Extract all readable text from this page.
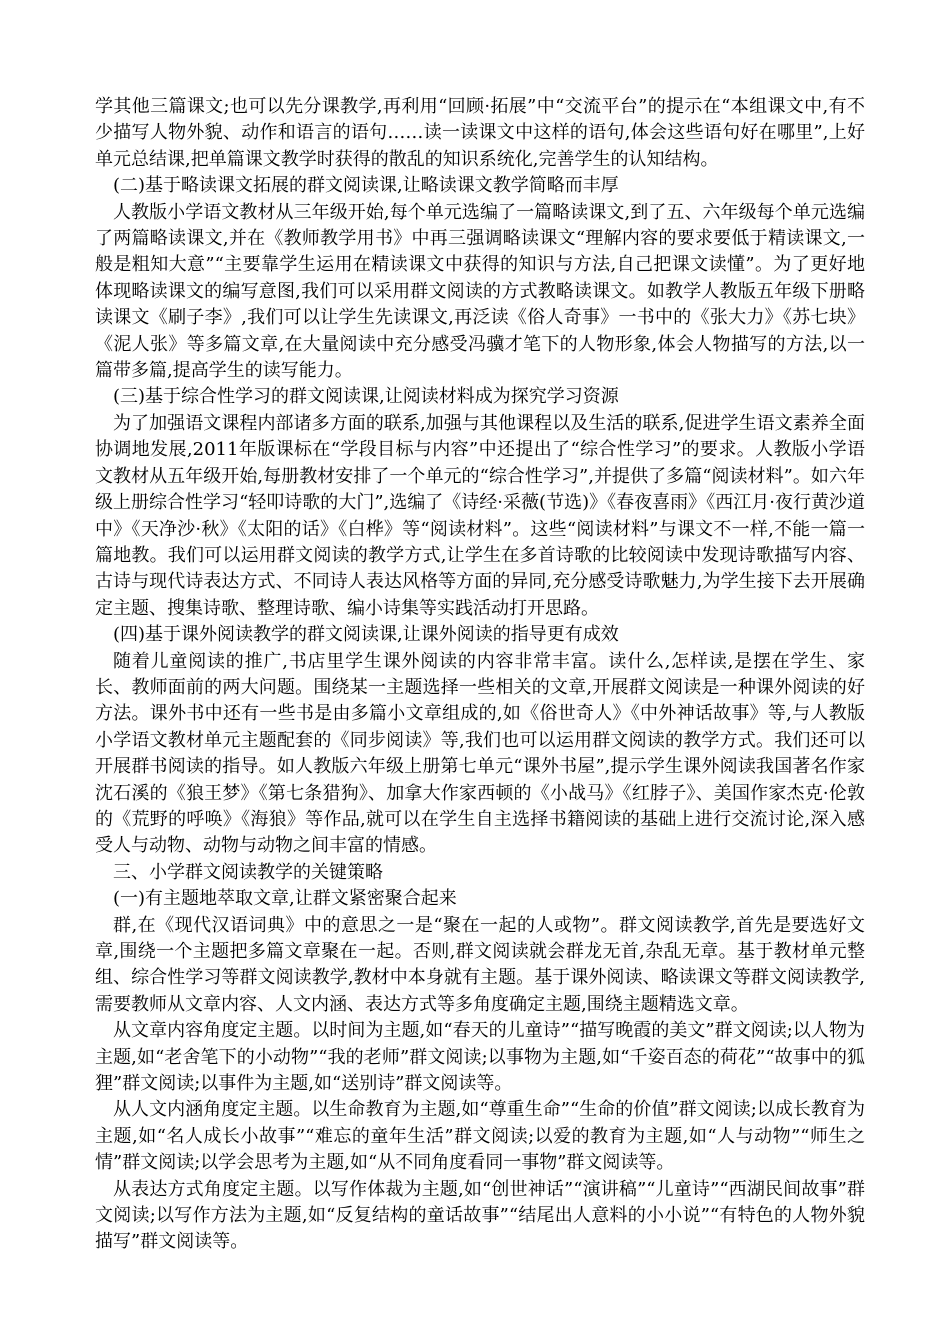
学其他三篇课文;也可以先分课教学,再利用“回顾·拓展”中“交流平台”的提示在“本组课文中,有不少描写人物外貌、动作和语言的语句……读一读课文中这样的语句,体会这些语句好在哪里”,上好单元总结课,把单篇课文教学时获得的散乱的知识系统化,完善学生的认知结构。

(二)基于略读课文拓展的群文阅读课,让略读课文教学简略而丰厚

人教版小学语文教材从三年级开始,每个单元选编了一篇略读课文,到了五、六年级每个单元选编了两篇略读课文,并在《教师教学用书》中再三强调略读课文“理解内容的要求要低于精读课文,一般是粗知大意”“主要靠学生运用在精读课文中获得的知识与方法,自己把课文读懂”。为了更好地体现略读课文的编写意图,我们可以采用群文阅读的方式教略读课文。如教学人教版五年级下册略读课文《刷子李》,我们可以让学生先读课文,再泛读《俗人奇事》一书中的《张大力》《苏七块》《泥人张》等多篇文章,在大量阅读中充分感受冯骥才笔下的人物形象,体会人物描写的方法,以一篇带多篇,提高学生的读写能力。

(三)基于综合性学习的群文阅读课,让阅读材料成为探究学习资源

为了加强语文课程内部诸多方面的联系,加强与其他课程以及生活的联系,促进学生语文素养全面协调地发展,2011年版课标在“学段目标与内容”中还提出了“综合性学习”的要求。人教版小学语文教材从五年级开始,每册教材安排了一个单元的“综合性学习”,并提供了多篇“阅读材料”。如六年级上册综合性学习“轻叩诗歌的大门”,选编了《诗经·采薇(节选)》《春夜喜雨》《西江月·夜行黄沙道中》《天净沙·秋》《太阳的话》《白桦》等“阅读材料”。这些“阅读材料”与课文不一样,不能一篇一篇地教。我们可以运用群文阅读的教学方式,让学生在多首诗歌的比较阅读中发现诗歌描写内容、古诗与现代诗表达方式、不同诗人表达风格等方面的异同,充分感受诗歌魅力,为学生接下去开展确定主题、搜集诗歌、整理诗歌、编小诗集等实践活动打开思路。

(四)基于课外阅读教学的群文阅读课,让课外阅读的指导更有成效

随着儿童阅读的推广,书店里学生课外阅读的内容非常丰富。读什么,怎样读,是摆在学生、家长、教师面前的两大问题。围绕某一主题选择一些相关的文章,开展群文阅读是一种课外阅读的好方法。课外书中还有一些书是由多篇小文章组成的,如《俗世奇人》《中外神话故事》等,与人教版小学语文教材单元主题配套的《同步阅读》等,我们也可以运用群文阅读的教学方式。我们还可以开展群书阅读的指导。如人教版六年级上册第七单元“课外书屋”,提示学生课外阅读我国著名作家沈石溪的《狼王梦》《第七条猎狗》、加拿大作家西顿的《小战马》《红脖子》、美国作家杰克·伦敦的《荒野的呼唤》《海狼》等作品,就可以在学生自主选择书籍阅读的基础上进行交流讨论,深入感受人与动物、动物与动物之间丰富的情感。

三、小学群文阅读教学的关键策略

(一)有主题地萃取文章,让群文紧密聚合起来

群,在《现代汉语词典》中的意思之一是“聚在一起的人或物”。群文阅读教学,首先是要选好文章,围绕一个主题把多篇文章聚在一起。否则,群文阅读就会群龙无首,杂乱无章。基于教材单元整组、综合性学习等群文阅读教学,教材中本身就有主题。基于课外阅读、略读课文等群文阅读教学,需要教师从文章内容、人文内涵、表达方式等多角度确定主题,围绕主题精选文章。

从文章内容角度定主题。以时间为主题,如“春天的儿童诗”“描写晚霞的美文”群文阅读;以人物为主题,如“老舍笔下的小动物”“我的老师”群文阅读;以事物为主题,如“千姿百态的荷花”“故事中的狐狸”群文阅读;以事件为主题,如“送别诗”群文阅读等。

从人文内涵角度定主题。以生命教育为主题,如“尊重生命”“生命的价值”群文阅读;以成长教育为主题,如“名人成长小故事”“难忘的童年生活”群文阅读;以爱的教育为主题,如“人与动物”“师生之情”群文阅读;以学会思考为主题,如“从不同角度看同一事物”群文阅读等。

从表达方式角度定主题。以写作体裁为主题,如“创世神话”“演讲稿”“儿童诗”“西湖民间故事”群文阅读;以写作方法为主题,如“反复结构的童话故事”“结尾出人意料的小小说”“有特色的人物外貌描写”群文阅读等。
